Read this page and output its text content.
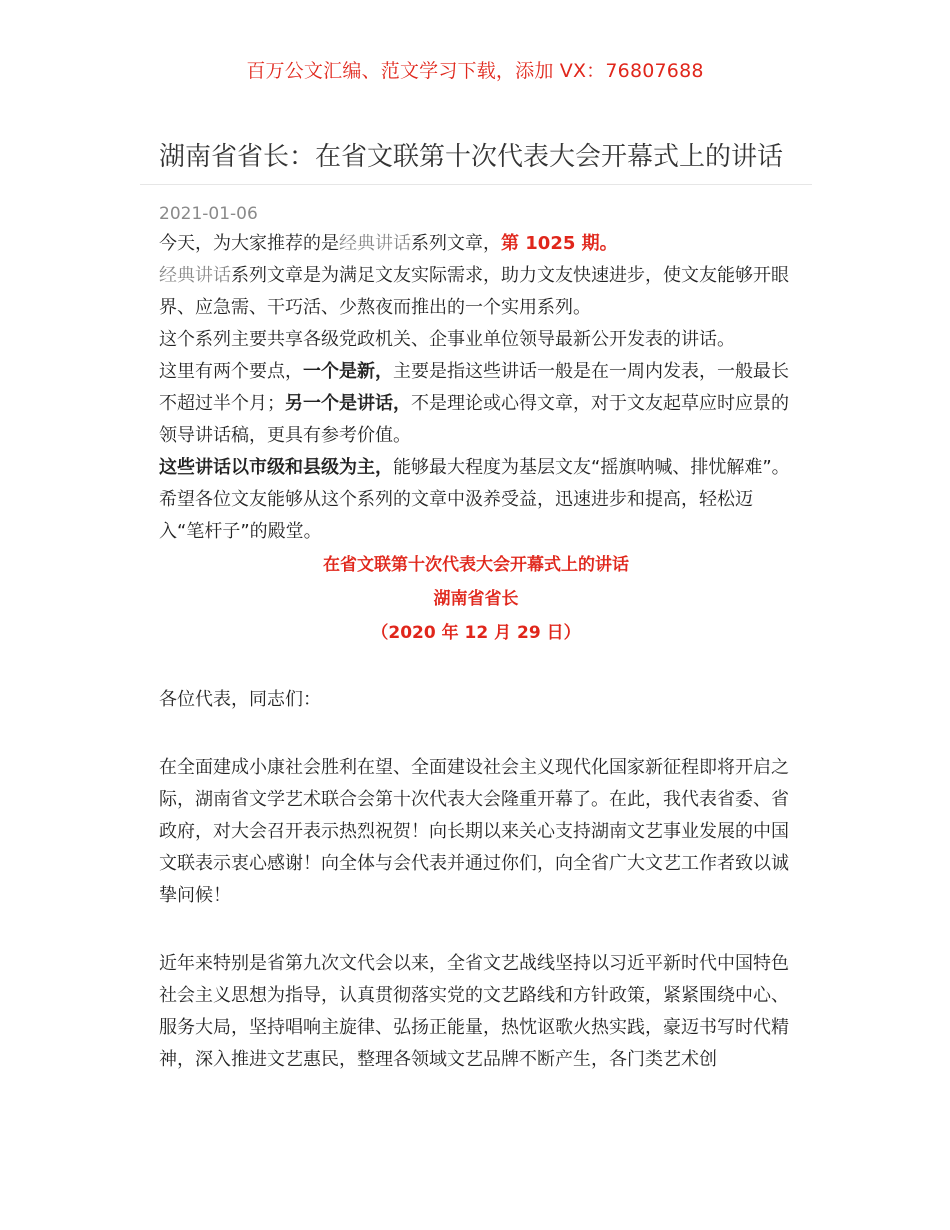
百万公文汇编、范文学习下载，添加 VX：76807688
湖南省省长：在省文联第十次代表大会开幕式上的讲话
2021-01-06

今天，为大家推荐的是经典讲话系列文章，第 1025 期。

经典讲话系列文章是为满足文友实际需求，助力文友快速进步，使文友能够开眼界、应急需、干巧活、少熬夜而推出的一个实用系列。

这个系列主要共享各级党政机关、企事业单位领导最新公开发表的讲话。

这里有两个要点，一个是新，主要是指这些讲话一般是在一周内发表，一般最长不超过半个月；另一个是讲话，不是理论或心得文章，对于文友起草应时应景的领导讲话稿，更具有参考价值。

这些讲话以市级和县级为主，能够最大程度为基层文友“摇旗呐喊、排忧解难”。希望各位文友能够从这个系列的文章中汲养受益，迅速进步和提高，轻松迈入“笔杆子”的殿堂。

在省文联第十次代表大会开幕式上的讲话

湖南省省长

（2020 年 12 月 29 日）

各位代表，同志们：

在全面建成小康社会胜利在望、全面建设社会主义现代化国家新征程即将开启之际，湖南省文学艺术联合会第十次代表大会隆重开幕了。在此，我代表省委、省政府，对大会召开表示热烈祝贺！向长期以来关心支持湖南文艺事业发展的中国文联表示衷心感谢！向全体与会代表并通过你们，向全省广大文艺工作者致以诚挚问候！

近年来特别是省第九次文代会以来，全省文艺战线坚持以习近平新时代中国特色社会主义思想为指导，认真贯彻落实党的文艺路线和方针政策，紧紧围绕中心、服务大局，坚持唱响主旋律、弘扬正能量，热忱讴歌火热实践，豪迈书写时代精神，深入推进文艺惠民，整理各领域文艺品牌不断产生，各门类艺术创
